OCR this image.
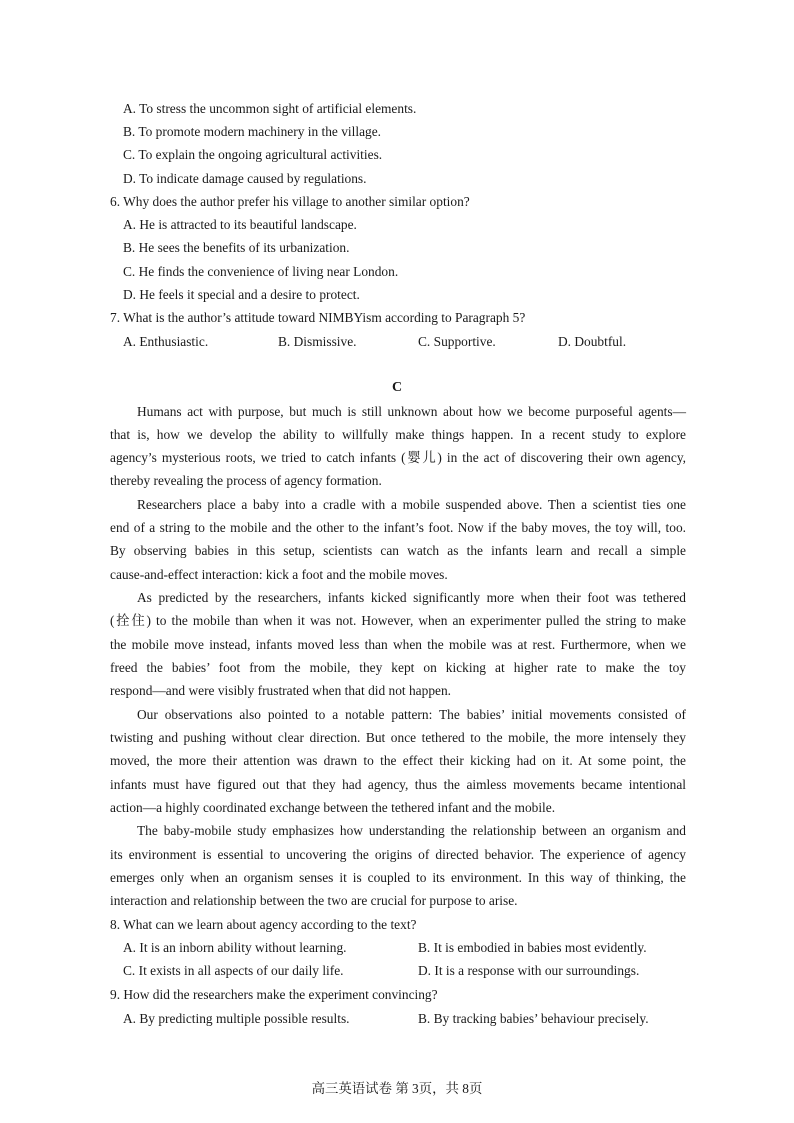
A. To stress the uncommon sight of artificial elements.
B. To promote modern machinery in the village.
C. To explain the ongoing agricultural activities.
D. To indicate damage caused by regulations.
6. Why does the author prefer his village to another similar option?
A. He is attracted to its beautiful landscape.
B. He sees the benefits of its urbanization.
C. He finds the convenience of living near London.
D. He feels it special and a desire to protect.
7. What is the author’s attitude toward NIMBYism according to Paragraph 5?
A. Enthusiastic.	B. Dismissive.	C. Supportive.	D. Doubtful.
C
Humans act with purpose, but much is still unknown about how we become purposeful agents—
that is, how we develop the ability to willfully make things happen. In a recent study to explore
agency’s mysterious roots, we tried to catch infants (婴儿) in the act of discovering their own agency,
thereby revealing the process of agency formation.
Researchers place a baby into a cradle with a mobile suspended above. Then a scientist ties one
end of a string to the mobile and the other to the infant’s foot. Now if the baby moves, the toy will, too.
By observing babies in this setup, scientists can watch as the infants learn and recall a simple
cause-and-effect interaction: kick a foot and the mobile moves.
As predicted by the researchers, infants kicked significantly more when their foot was tethered
(拴住) to the mobile than when it was not. However, when an experimenter pulled the string to make
the mobile move instead, infants moved less than when the mobile was at rest. Furthermore, when we
freed the babies’ foot from the mobile, they kept on kicking at higher rate to make the toy
respond—and were visibly frustrated when that did not happen.
Our observations also pointed to a notable pattern: The babies’ initial movements consisted of
twisting and pushing without clear direction. But once tethered to the mobile, the more intensely they
moved, the more their attention was drawn to the effect their kicking had on it. At some point, the
infants must have figured out that they had agency, thus the aimless movements became intentional
action—a highly coordinated exchange between the tethered infant and the mobile.
The baby-mobile study emphasizes how understanding the relationship between an organism and
its environment is essential to uncovering the origins of directed behavior. The experience of agency
emerges only when an organism senses it is coupled to its environment. In this way of thinking, the
interaction and relationship between the two are crucial for purpose to arise.
8. What can we learn about agency according to the text?
A. It is an inborn ability without learning.	B. It is embodied in babies most evidently.
C. It exists in all aspects of our daily life.	D. It is a response with our surroundings.
9. How did the researchers make the experiment convincing?
A. By predicting multiple possible results.	B. By tracking babies’ behaviour precisely.
高三英语试卷 第 3页，共 8页
